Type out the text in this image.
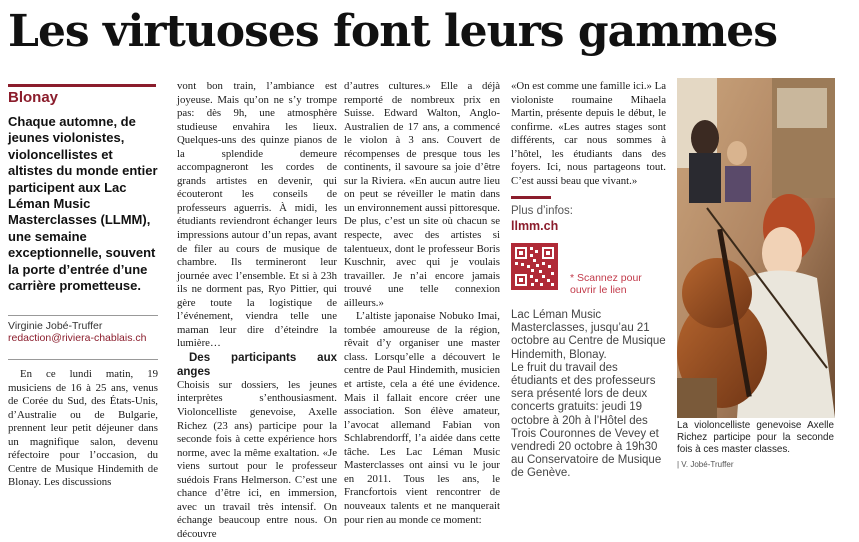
Les virtuoses font leurs gammes
Blonay
Chaque automne, de jeunes violonistes, violoncellistes et altistes du monde entier participent aux Lac Léman Music Masterclasses (LLMM), une semaine exceptionnelle, souvent la porte d’entrée d’une carrière prometteuse.
Virginie Jobé-Truffer
redaction@riviera-chablais.ch

En ce lundi matin, 19 musiciens de 16 à 25 ans, venus de Corée du Sud, des États-Unis, d’Australie ou de Bulgarie, prennent leur petit déjeuner dans un magnifique salon, devenu réfectoire pour l’occasion, du Centre de Musique Hindemith de Blonay. Les discussions

vont bon train, l’ambiance est joyeuse. Mais qu’on ne s’y trompe pas: dès 9h, une atmosphère studieuse envahira les lieux. Quelques-uns des quinze pianos de la splendide demeure accompagneront les cordes de grands artistes en devenir, qui écouteront les conseils de professeurs aguerris. À midi, les étudiants reviendront échanger leurs impressions autour d’un repas, avant de filer au cours de musique de chambre. Ils termineront leur journée avec l’ensemble. Et si à 23h ils ne dorment pas, Ryo Pittier, qui gère toute la logistique de l’événement, viendra telle une maman leur dire d’éteindre la lumière…

Des participants aux anges

Choisis sur dossiers, les jeunes interprètes s’enthousiasment. Violoncelliste genevoise, Axelle Richez (23 ans) participe pour la seconde fois à cette expérience hors norme, avec la même exaltation. «Je viens surtout pour le professeur suédois Frans Helmerson. C’est une chance d’être ici, en immersion, avec un travail très intensif. On échange beaucoup entre nous. On découvre

d’autres cultures.» Elle a déjà remporté de nombreux prix en Suisse. Edward Walton, Anglo-Australien de 17 ans, a commencé le violon à 3 ans. Couvert de récompenses de presque tous les continents, il savoure sa joie d’être sur la Riviera. «En aucun autre lieu on peut se réveiller le matin dans un environnement aussi pittoresque. De plus, c’est un site où chacun se respecte, avec des artistes si talentueux, dont le professeur Boris Kuschnir, avec qui je voulais travailler. Je n’ai encore jamais trouvé une telle connexion ailleurs.»

L’altiste japonaise Nobuko Imai, tombée amoureuse de la région, rêvait d’y organiser une master class. Lorsqu’elle a découvert le centre de Paul Hindemith, musicien et artiste, cela a été une évidence. Mais il fallait encore créer une association. Son élève amateur, l’avocat allemand Fabian von Schlabrendorff, l’a aidée dans cette tâche. Les Lac Léman Music Masterclasses ont ainsi vu le jour en 2011. Tous les ans, le Francfortois vient rencontrer de nouveaux talents et ne manquerait pour rien au monde ce moment:

«On est comme une famille ici.» La violoniste roumaine Mihaela Martin, présente depuis le début, le confirme. «Les autres stages sont différents, car nous sommes à l’hôtel, les étudiants dans des foyers. Ici, nous partageons tout. C’est aussi beau que vivant.»

Plus d’infos:
llmm.ch
* Scannez pour ouvrir le lien

Lac Léman Music Masterclasses, jusqu’au 21 octobre au Centre de Musique Hindemith, Blonay.

Le fruit du travail des étudiants et des professeurs sera présenté lors de deux concerts gratuits: jeudi 19 octobre à 20h à l’Hôtel des Trois Couronnes de Vevey et vendredi 20 octobre à 19h30 au Conservatoire de Musique de Genève.

La violoncelliste genevoise Axelle Richez participe pour la seconde fois à ces master classes.
| V. Jobé-Truffer
